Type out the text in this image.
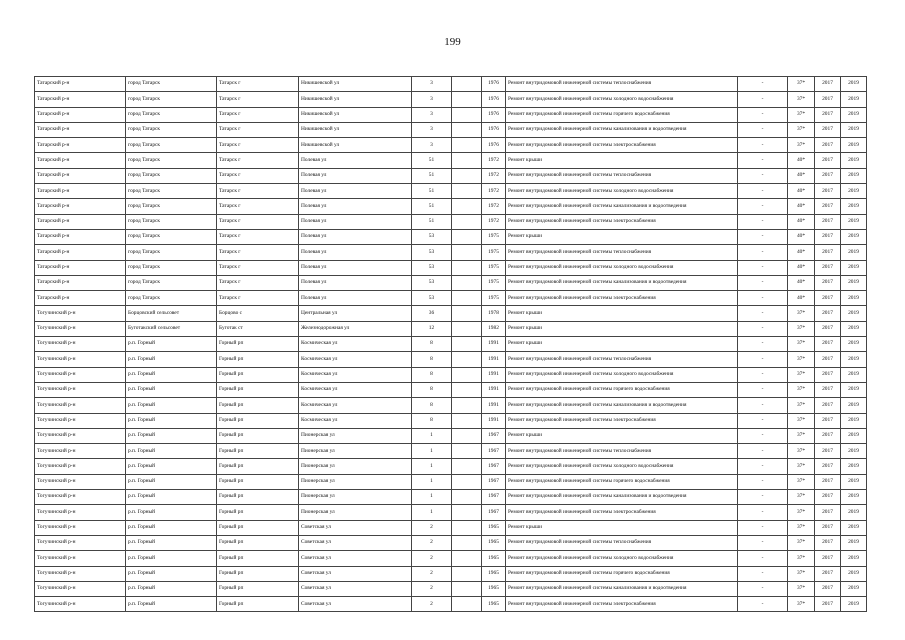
199
Татарский р-н	город Татарск	Татарск г	Никишевской ул	3		1976	Ремонт внутридомовой инженерной системы теплоснабжения	-	37*	2017	2019
Татарский р-н	город Татарск	Татарск г	Никишевской ул	3		1976	Ремонт внутридомовой инженерной системы холодного водоснабжения	-	37*	2017	2019
Татарский р-н	город Татарск	Татарск г	Никишевской ул	3		1976	Ремонт внутридомовой инженерной системы горячего водоснабжения	-	37*	2017	2019
Татарский р-н	город Татарск	Татарск г	Никишевской ул	3		1976	Ремонт внутридомовой инженерной системы канализования и водоотведения	-	37*	2017	2019
Татарский р-н	город Татарск	Татарск г	Никишевской ул	3		1976	Ремонт внутридомовой инженерной системы электроснабжения	-	37*	2017	2019
Татарский р-н	город Татарск	Татарск г	Полевая ул	51		1972	Ремонт крыши	-	40*	2017	2019
Татарский р-н	город Татарск	Татарск г	Полевая ул	51		1972	Ремонт внутридомовой инженерной системы теплоснабжения	-	40*	2017	2019
Татарский р-н	город Татарск	Татарск г	Полевая ул	51		1972	Ремонт внутридомовой инженерной системы холодного водоснабжения	-	40*	2017	2019
Татарский р-н	город Татарск	Татарск г	Полевая ул	51		1972	Ремонт внутридомовой инженерной системы канализования и водоотведения	-	40*	2017	2019
Татарский р-н	город Татарск	Татарск г	Полевая ул	51		1972	Ремонт внутридомовой инженерной системы электроснабжения	-	40*	2017	2019
Татарский р-н	город Татарск	Татарск г	Полевая ул	53		1975	Ремонт крыши	-	40*	2017	2019
Татарский р-н	город Татарск	Татарск г	Полевая ул	53		1975	Ремонт внутридомовой инженерной системы теплоснабжения	-	40*	2017	2019
Татарский р-н	город Татарск	Татарск г	Полевая ул	53		1975	Ремонт внутридомовой инженерной системы холодного водоснабжения	-	40*	2017	2019
Татарский р-н	город Татарск	Татарск г	Полевая ул	53		1975	Ремонт внутридомовой инженерной системы канализования и водоотведения	-	40*	2017	2019
Татарский р-н	город Татарск	Татарск г	Полевая ул	53		1975	Ремонт внутридомовой инженерной системы электроснабжения	-	40*	2017	2019
Тогучинский р-н	Борцовский сельсовет	Борцово с	Центральная ул	36		1978	Ремонт крыши	-	37*	2017	2019
Тогучинский р-н	Буготакский сельсовет	Буготак ст	Железнодорожная ул	12		1982	Ремонт крыши	-	37*	2017	2019
Тогучинский р-н	р.п. Горный	Горный рп	Космическая ул	8		1991	Ремонт крыши	-	37*	2017	2019
Тогучинский р-н	р.п. Горный	Горный рп	Космическая ул	8		1991	Ремонт внутридомовой инженерной системы теплоснабжения	-	37*	2017	2019
Тогучинский р-н	р.п. Горный	Горный рп	Космическая ул	8		1991	Ремонт внутридомовой инженерной системы холодного водоснабжения	-	37*	2017	2019
Тогучинский р-н	р.п. Горный	Горный рп	Космическая ул	8		1991	Ремонт внутридомовой инженерной системы горячего водоснабжения	-	37*	2017	2019
Тогучинский р-н	р.п. Горный	Горный рп	Космическая ул	8		1991	Ремонт внутридомовой инженерной системы канализования и водоотведения	-	37*	2017	2019
Тогучинский р-н	р.п. Горный	Горный рп	Космическая ул	8		1991	Ремонт внутридомовой инженерной системы электроснабжения	-	37*	2017	2019
Тогучинский р-н	р.п. Горный	Горный рп	Пионерская ул	1		1967	Ремонт крыши	-	37*	2017	2019
Тогучинский р-н	р.п. Горный	Горный рп	Пионерская ул	1		1967	Ремонт внутридомовой инженерной системы теплоснабжения	-	37*	2017	2019
Тогучинский р-н	р.п. Горный	Горный рп	Пионерская ул	1		1967	Ремонт внутридомовой инженерной системы холодного водоснабжения	-	37*	2017	2019
Тогучинский р-н	р.п. Горный	Горный рп	Пионерская ул	1		1967	Ремонт внутридомовой инженерной системы горячего водоснабжения	-	37*	2017	2019
Тогучинский р-н	р.п. Горный	Горный рп	Пионерская ул	1		1967	Ремонт внутридомовой инженерной системы канализования и водоотведения	-	37*	2017	2019
Тогучинский р-н	р.п. Горный	Горный рп	Пионерская ул	1		1967	Ремонт внутридомовой инженерной системы электроснабжения	-	37*	2017	2019
Тогучинский р-н	р.п. Горный	Горный рп	Советская ул	2		1965	Ремонт крыши	-	37*	2017	2019
Тогучинский р-н	р.п. Горный	Горный рп	Советская ул	2		1965	Ремонт внутридомовой инженерной системы теплоснабжения	-	37*	2017	2019
Тогучинский р-н	р.п. Горный	Горный рп	Советская ул	2		1965	Ремонт внутридомовой инженерной системы холодного водоснабжения	-	37*	2017	2019
Тогучинский р-н	р.п. Горный	Горный рп	Советская ул	2		1965	Ремонт внутридомовой инженерной системы горячего водоснабжения	-	37*	2017	2019
Тогучинский р-н	р.п. Горный	Горный рп	Советская ул	2		1965	Ремонт внутридомовой инженерной системы канализования и водоотведения	-	37*	2017	2019
Тогучинский р-н	р.п. Горный	Горный рп	Советская ул	2		1965	Ремонт внутридомовой инженерной системы электроснабжения	-	37*	2017	2019
